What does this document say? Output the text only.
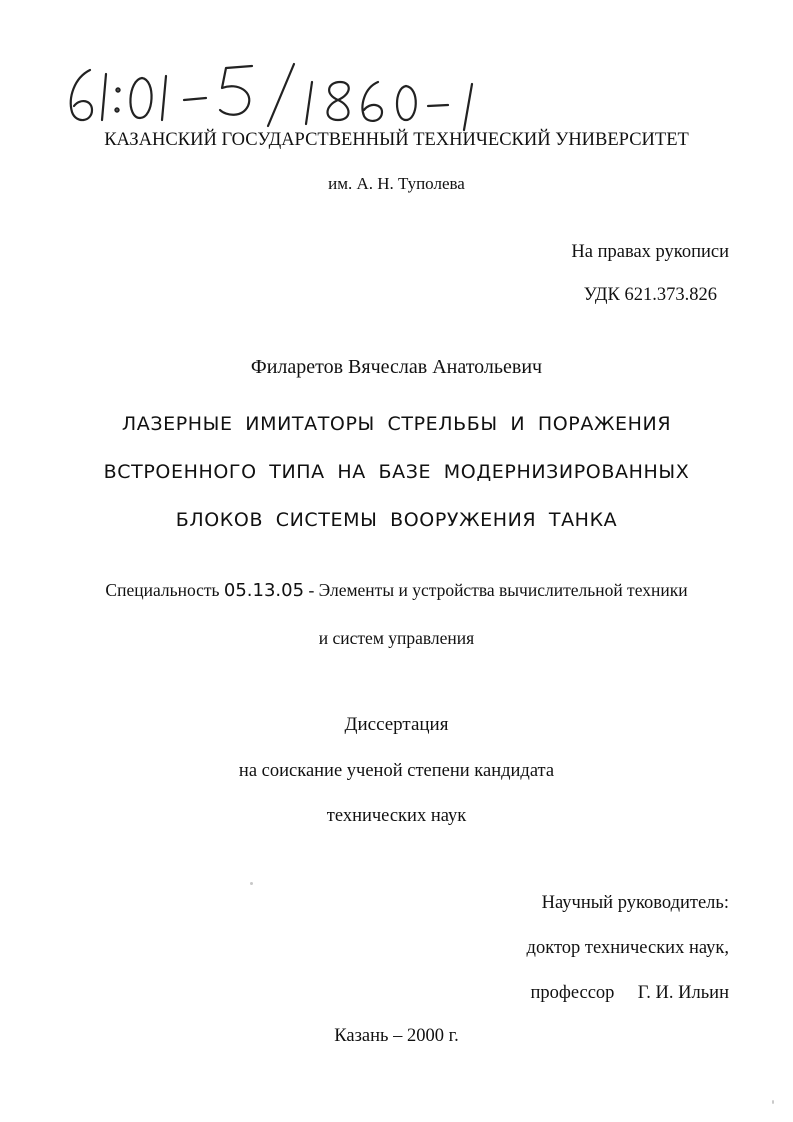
КАЗАНСКИЙ ГОСУДАРСТВЕННЫЙ ТЕХНИЧЕСКИЙ УНИВЕРСИТЕТ
им. А. Н. Туполева
На правах рукописи
УДК 621.373.826
Филаретов Вячеслав Анатольевич
ЛАЗЕРНЫЕ ИМИТАТОРЫ СТРЕЛЬБЫ И ПОРАЖЕНИЯ
ВСТРОЕННОГО ТИПА НА БАЗЕ МОДЕРНИЗИРОВАННЫХ
БЛОКОВ СИСТЕМЫ ВООРУЖЕНИЯ ТАНКА
Специальность 05.13.05 - Элементы и устройства вычислительной техники
и систем управления
Диссертация
на соискание ученой степени кандидата
технических наук
Научный руководитель:
доктор технических наук,
профессор Г. И. Ильин
Казань – 2000 г.
